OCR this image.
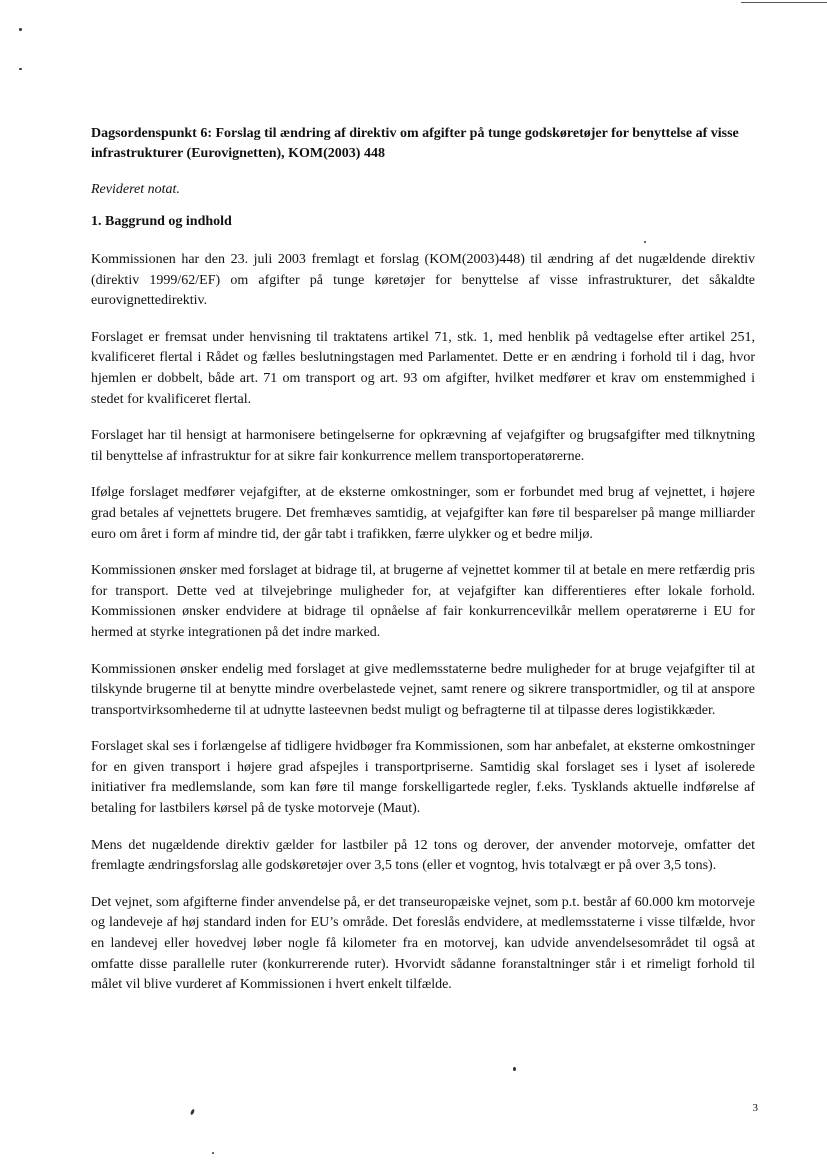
Dagsordenspunkt 6: Forslag til ændring af direktiv om afgifter på tunge godskøretøjer for benyttelse af visse infrastrukturer (Eurovignetten), KOM(2003) 448

Revideret notat.

1. Baggrund og indhold

Kommissionen har den 23. juli 2003 fremlagt et forslag (KOM(2003)448) til ændring af det nugældende direktiv (direktiv 1999/62/EF) om afgifter på tunge køretøjer for benyttelse af visse infrastrukturer, det såkaldte eurovignettedirektiv.

Forslaget er fremsat under henvisning til traktatens artikel 71, stk. 1, med henblik på vedtagelse efter artikel 251, kvalificeret flertal i Rådet og fælles beslutningstagen med Parlamentet. Dette er en ændring i forhold til i dag, hvor hjemlen er dobbelt, både art. 71 om transport og art. 93 om afgifter, hvilket medfører et krav om enstemmighed i stedet for kvalificeret flertal.

Forslaget har til hensigt at harmonisere betingelserne for opkrævning af vejafgifter og brugsafgifter med tilknytning til benyttelse af infrastruktur for at sikre fair konkurrence mellem transportoperatørerne.

Ifølge forslaget medfører vejafgifter, at de eksterne omkostninger, som er forbundet med brug af vejnettet, i højere grad betales af vejnettets brugere. Det fremhæves samtidig, at vejafgifter kan føre til besparelser på mange milliarder euro om året i form af mindre tid, der går tabt i trafikken, færre ulykker og et bedre miljø.

Kommissionen ønsker med forslaget at bidrage til, at brugerne af vejnettet kommer til at betale en mere retfærdig pris for transport. Dette ved at tilvejebringe muligheder for, at vejafgifter kan differentieres efter lokale forhold. Kommissionen ønsker endvidere at bidrage til opnåelse af fair konkurrencevilkår mellem operatørerne i EU for hermed at styrke integrationen på det indre marked.

Kommissionen ønsker endelig med forslaget at give medlemsstaterne bedre muligheder for at bruge vejafgifter til at tilskynde brugerne til at benytte mindre overbelastede vejnet, samt renere og sikrere transportmidler, og til at anspore transportvirksomhederne til at udnytte lasteevnen bedst muligt og befragterne til at tilpasse deres logistikkæder.

Forslaget skal ses i forlængelse af tidligere hvidbøger fra Kommissionen, som har anbefalet, at eksterne omkostninger for en given transport i højere grad afspejles i transportpriserne. Samtidig skal forslaget ses i lyset af isolerede initiativer fra medlemslande, som kan føre til mange forskelligartede regler, f.eks. Tysklands aktuelle indførelse af betaling for lastbilers kørsel på de tyske motorveje (Maut).

Mens det nugældende direktiv gælder for lastbiler på 12 tons og derover, der anvender motorveje, omfatter det fremlagte ændringsforslag alle godskøretøjer over 3,5 tons (eller et vogntog, hvis totalvægt er på over 3,5 tons).

Det vejnet, som afgifterne finder anvendelse på, er det transeuropæiske vejnet, som p.t. består af 60.000 km motorveje og landeveje af høj standard inden for EU’s område. Det foreslås endvidere, at medlemsstaterne i visse tilfælde, hvor en landevej eller hovedvej løber nogle få kilometer fra en motorvej, kan udvide anvendelsesområdet til også at omfatte disse parallelle ruter (konkurrerende ruter). Hvorvidt sådanne foranstaltninger står i et rimeligt forhold til målet vil blive vurderet af Kommissionen i hvert enkelt tilfælde.

3
